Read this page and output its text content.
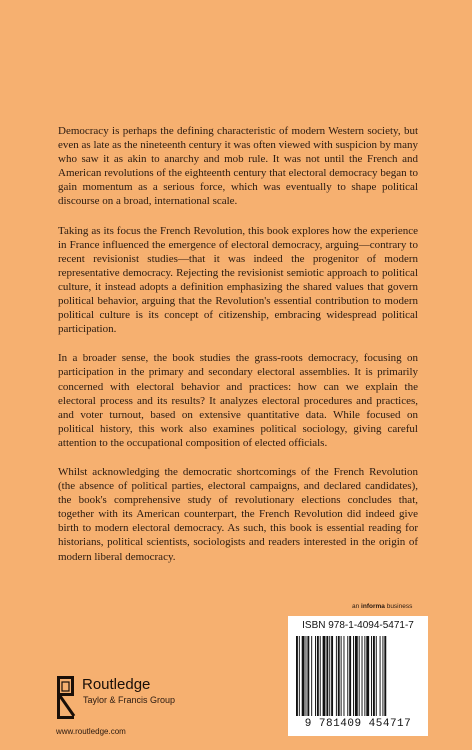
Democracy is perhaps the defining characteristic of modern Western society, but even as late as the nineteenth century it was often viewed with suspicion by many who saw it as akin to anarchy and mob rule. It was not until the French and American revolutions of the eighteenth century that electoral democracy began to gain momentum as a serious force, which was eventually to shape political discourse on a broad, international scale.

Taking as its focus the French Revolution, this book explores how the experience in France influenced the emergence of electoral democracy, arguing—contrary to recent revisionist studies—that it was indeed the progenitor of modern representative democracy. Rejecting the revisionist semiotic approach to political culture, it instead adopts a definition emphasizing the shared values that govern political behavior, arguing that the Revolution's essential contribution to modern political culture is its concept of citizenship, embracing widespread political participation.

In a broader sense, the book studies the grass-roots democracy, focusing on participation in the primary and secondary electoral assemblies. It is primarily concerned with electoral behavior and practices: how can we explain the electoral process and its results? It analyzes electoral procedures and practices, and voter turnout, based on extensive quantitative data. While focused on political history, this work also examines political sociology, giving careful attention to the occupational composition of elected officials.

Whilst acknowledging the democratic shortcomings of the French Revolution (the absence of political parties, electoral campaigns, and declared candidates), the book's comprehensive study of revolutionary elections concludes that, together with its American counterpart, the French Revolution did indeed give birth to modern electoral democracy. As such, this book is essential reading for historians, political scientists, sociologists and readers interested in the origin of modern liberal democracy.

an informa business
ISBN 978-1-4094-5471-7
9 781409 454717
Routledge
Taylor & Francis Group
www.routledge.com
